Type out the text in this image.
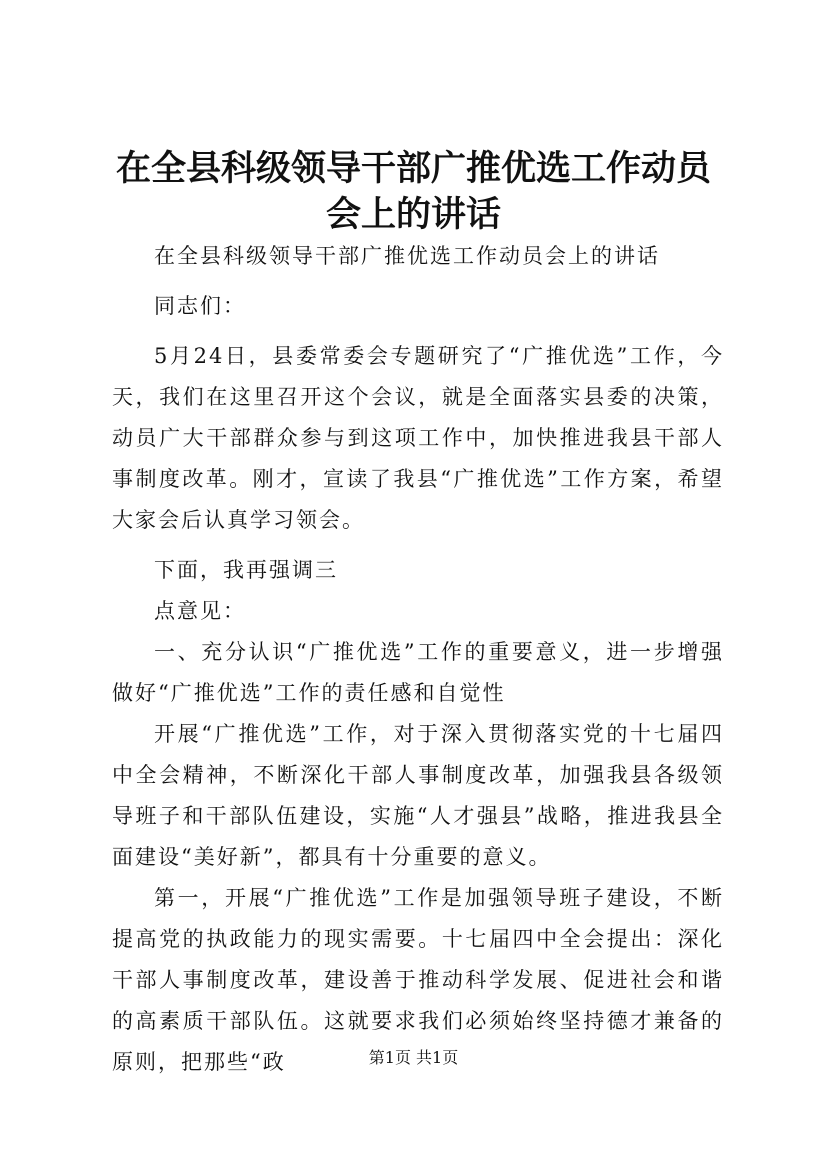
在全县科级领导干部广推优选工作动员会上的讲话

在全县科级领导干部广推优选工作动员会上的讲话

同志们：

5月24日，县委常委会专题研究了“广推优选”工作，今天，我们在这里召开这个会议，就是全面落实县委的决策，动员广大干部群众参与到这项工作中，加快推进我县干部人事制度改革。刚才，宣读了我县“广推优选”工作方案，希望大家会后认真学习领会。

下面，我再强调三

点意见：

一、充分认识“广推优选”工作的重要意义，进一步增强做好“广推优选”工作的责任感和自觉性

开展“广推优选”工作，对于深入贯彻落实党的十七届四中全会精神，不断深化干部人事制度改革，加强我县各级领导班子和干部队伍建设，实施“人才强县”战略，推进我县全面建设“美好新”，都具有十分重要的意义。

第一，开展“广推优选”工作是加强领导班子建设，不断提高党的执政能力的现实需要。十七届四中全会提出：深化干部人事制度改革，建设善于推动科学发展、促进社会和谐的高素质干部队伍。这就要求我们必须始终坚持德才兼备的原则，把那些“政	第1页 共1页
